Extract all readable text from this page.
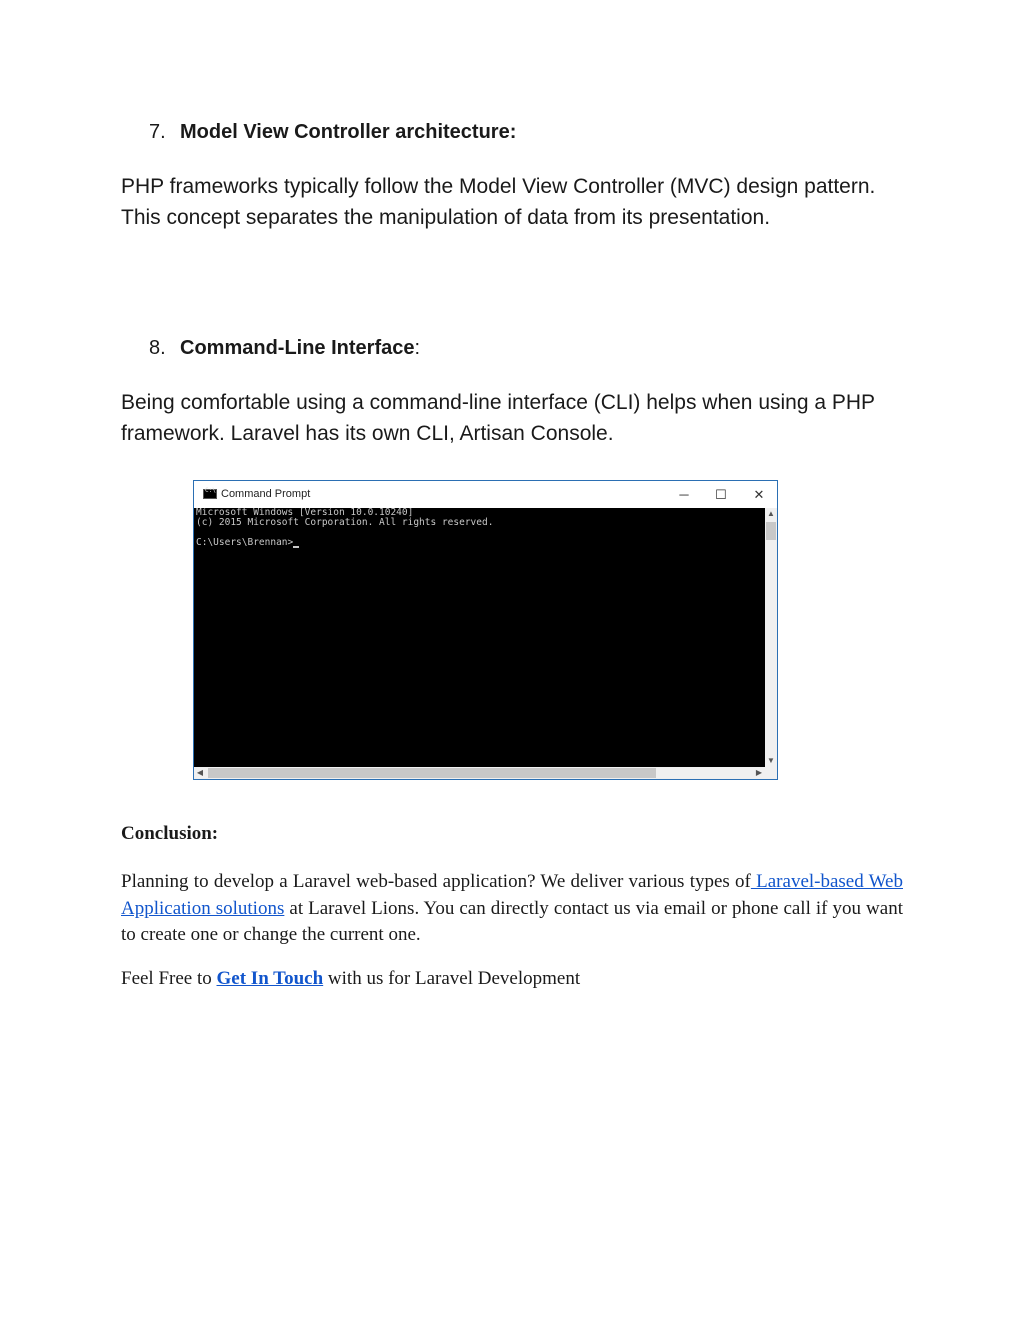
7. Model View Controller architecture:

PHP frameworks typically follow the Model View Controller (MVC) design pattern. This concept separates the manipulation of data from its presentation.

8. Command-Line Interface :

Being comfortable using a command-line interface (CLI) helps when using a PHP framework. Laravel has its own CLI, Artisan Console.

C:\
Command Prompt	─	☐	✕
Microsoft Windows [Version 10.0.10240]
(c) 2015 Microsoft Corporation. All rights reserved.

C:\Users\Brennan>
▲
▼
◀	▶
Conclusion:

Planning to develop a Laravel web-based application? We deliver various types of Laravel-based Web Application solutions at Laravel Lions. You can directly contact us via email or phone call if you want to create one or change the current one.

Feel Free to Get In Touch with us for Laravel Development
